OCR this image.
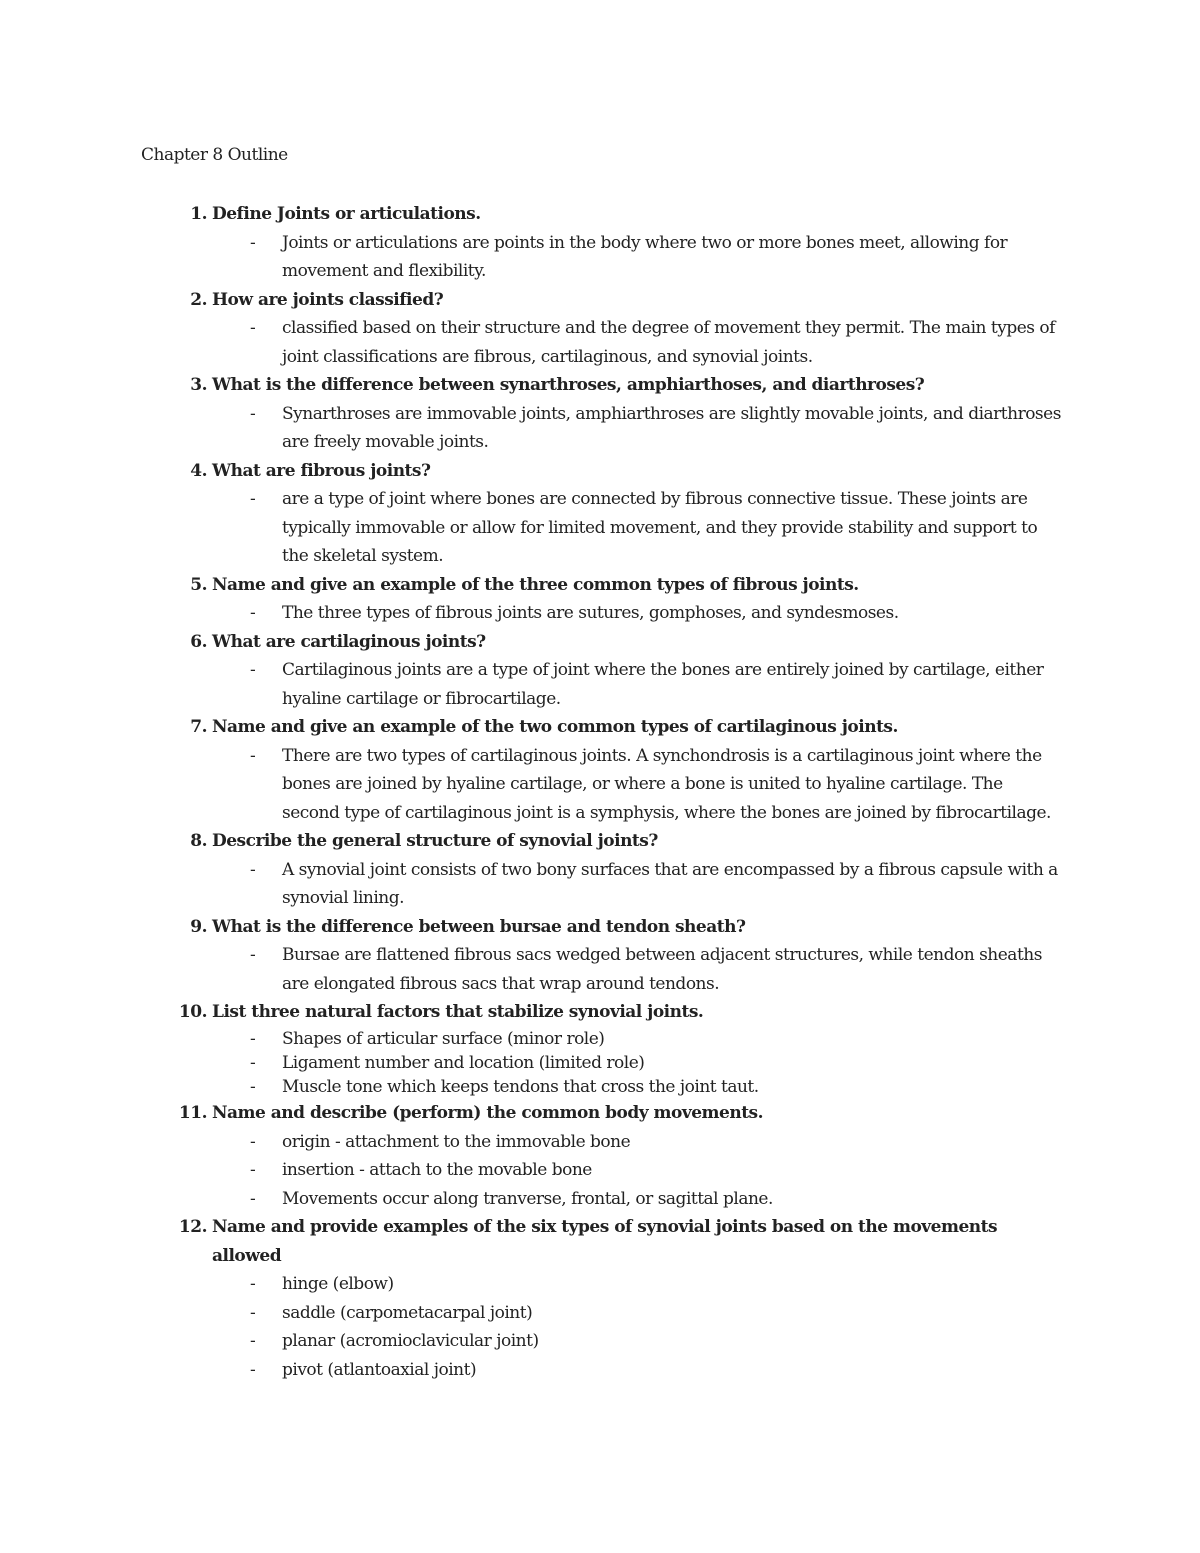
Chapter 8 Outline
1. Define Joints or articulations.
-	Joints or articulations are points in the body where two or more bones meet, allowing for movement and flexibility.
2. How are joints classified?
-	classified based on their structure and the degree of movement they permit. The main types of joint classifications are fibrous, cartilaginous, and synovial joints.
3. What is the difference between synarthroses, amphiarthoses, and diarthroses?
-	Synarthroses are immovable joints, amphiarthroses are slightly movable joints, and diarthroses are freely movable joints.
4. What are fibrous joints?
-	are a type of joint where bones are connected by fibrous connective tissue. These joints are typically immovable or allow for limited movement, and they provide stability and support to the skeletal system.
5. Name and give an example of the three common types of fibrous joints.
-	The three types of fibrous joints are sutures, gomphoses, and syndesmoses.
6. What are cartilaginous joints?
-	Cartilaginous joints are a type of joint where the bones are entirely joined by cartilage, either hyaline cartilage or fibrocartilage.
7. Name and give an example of the two common types of cartilaginous joints.
-	There are two types of cartilaginous joints. A synchondrosis is a cartilaginous joint where the bones are joined by hyaline cartilage, or where a bone is united to hyaline cartilage. The second type of cartilaginous joint is a symphysis, where the bones are joined by fibrocartilage.
8. Describe the general structure of synovial joints?
-	A synovial joint consists of two bony surfaces that are encompassed by a fibrous capsule with a synovial lining.
9. What is the difference between bursae and tendon sheath?
-	Bursae are flattened fibrous sacs wedged between adjacent structures, while tendon sheaths are elongated fibrous sacs that wrap around tendons.
10. List three natural factors that stabilize synovial joints.
-	Shapes of articular surface (minor role)
-	Ligament number and location (limited role)
-	Muscle tone which keeps tendons that cross the joint taut.
11. Name and describe (perform) the common body movements.
-	origin - attachment to the immovable bone
-	insertion - attach to the movable bone
-	Movements occur along tranverse, frontal, or sagittal plane.
12. Name and provide examples of the six types of synovial joints based on the movements allowed
-	hinge (elbow)
-	saddle (carpometacarpal joint)
-	planar (acromioclavicular joint)
-	pivot (atlantoaxial joint)
